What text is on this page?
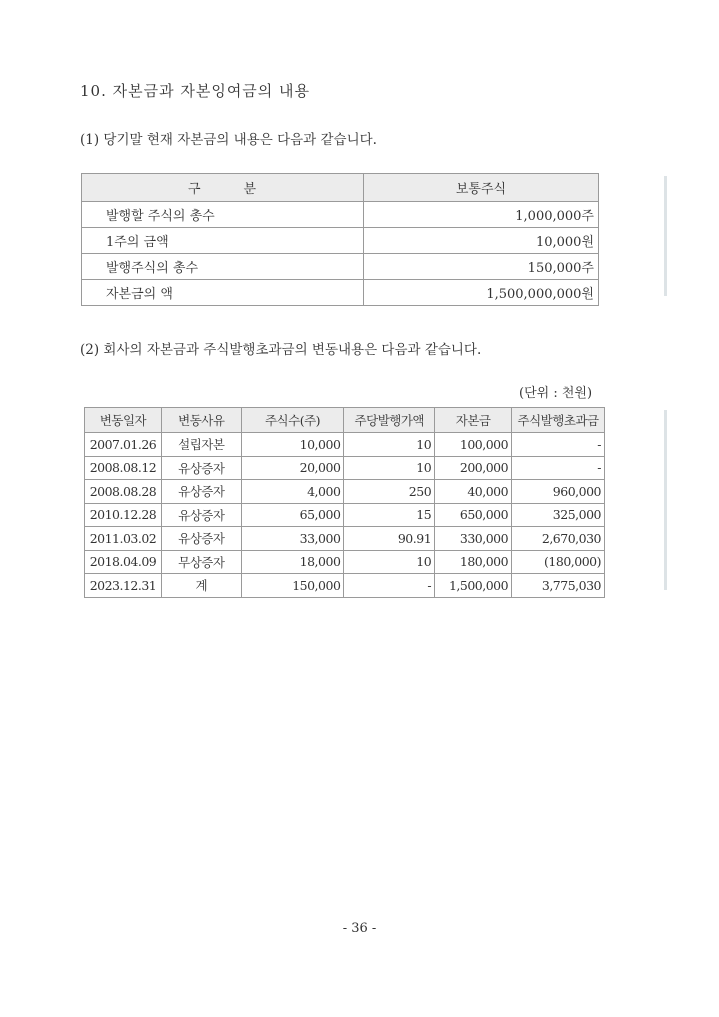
10. 자본금과 자본잉여금의 내용
(1) 당기말 현재 자본금의 내용은 다음과 같습니다.
구　　　분	보통주식
발행할 주식의 총수	1,000,000주
1주의 금액	10,000원
발행주식의 총수	150,000주
자본금의 액	1,500,000,000원
(2) 회사의 자본금과 주식발행초과금의 변동내용은 다음과 같습니다.
(단위 : 천원)
변동일자	변동사유	주식수(주)	주당발행가액	자본금	주식발행초과금
2007.01.26	설립자본	10,000	10	100,000	-
2008.08.12	유상증자	20,000	10	200,000	-
2008.08.28	유상증자	4,000	250	40,000	960,000
2010.12.28	유상증자	65,000	15	650,000	325,000
2011.03.02	유상증자	33,000	90.91	330,000	2,670,030
2018.04.09	무상증자	18,000	10	180,000	(180,000)
2023.12.31	계	150,000	-	1,500,000	3,775,030
- 36 -
